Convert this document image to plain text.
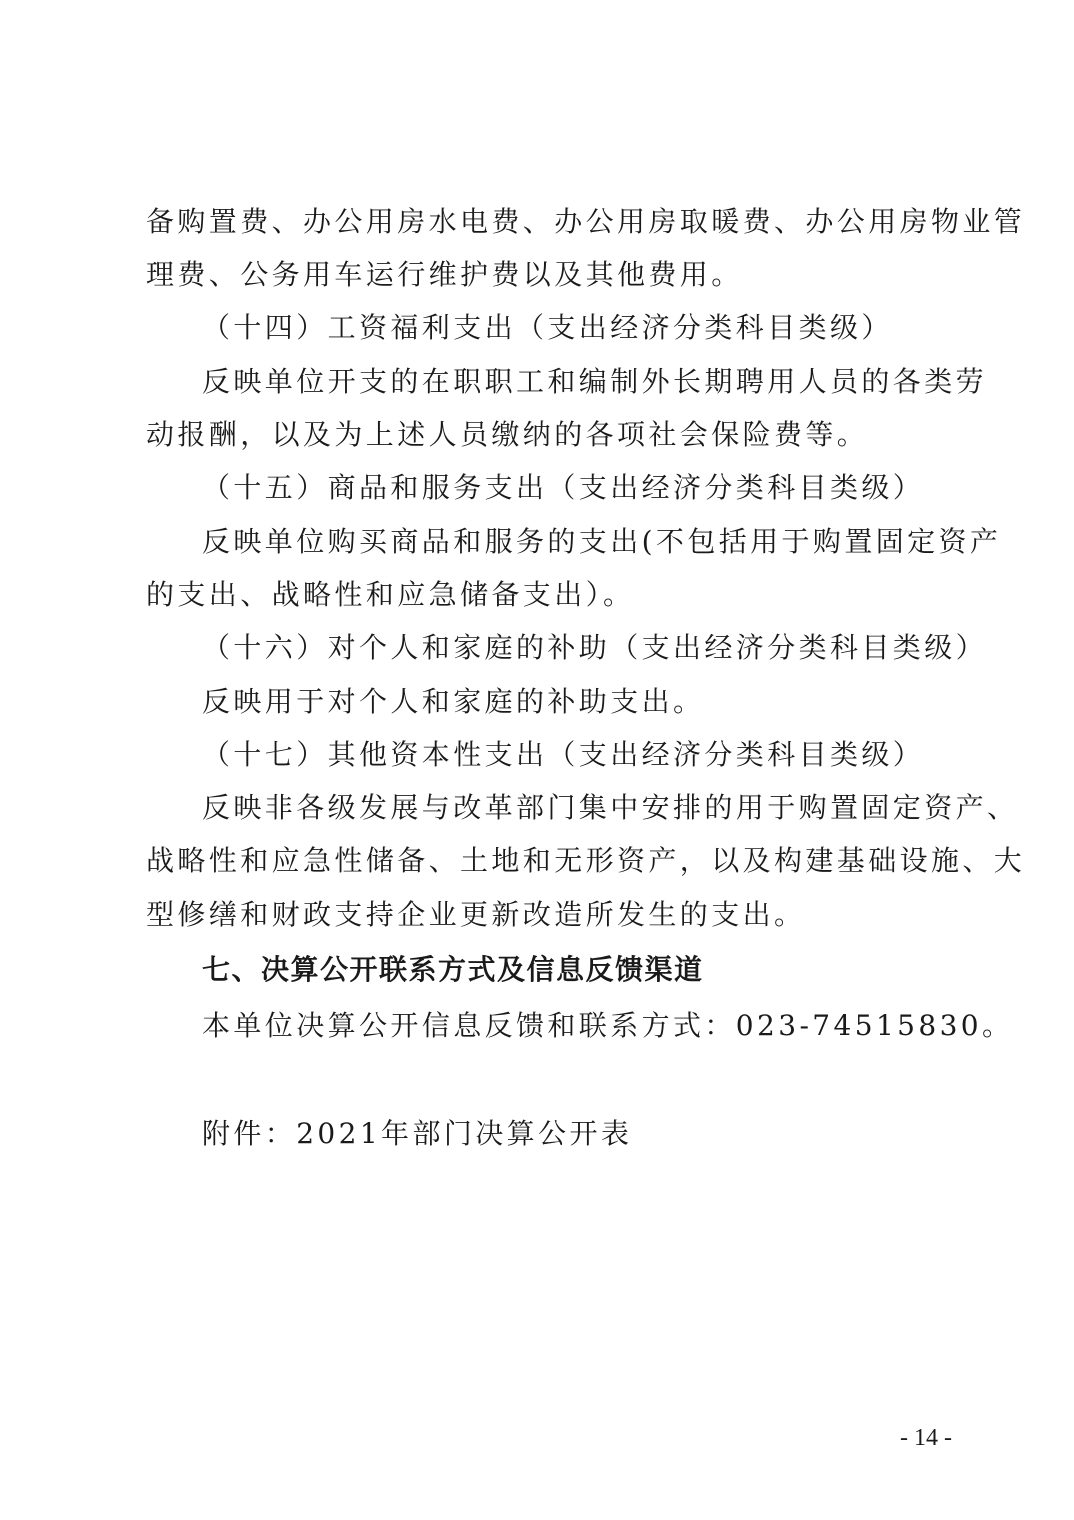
备购置费、办公用房水电费、办公用房取暖费、办公用房物业管
理费、公务用车运行维护费以及其他费用。
（十四）工资福利支出（支出经济分类科目类级）
反映单位开支的在职职工和编制外长期聘用人员的各类劳
动报酬，以及为上述人员缴纳的各项社会保险费等。
（十五）商品和服务支出（支出经济分类科目类级）
反映单位购买商品和服务的支出(不包括用于购置固定资产
的支出、战略性和应急储备支出）。
（十六）对个人和家庭的补助（支出经济分类科目类级）
反映用于对个人和家庭的补助支出。
（十七）其他资本性支出（支出经济分类科目类级）
反映非各级发展与改革部门集中安排的用于购置固定资产、
战略性和应急性储备、土地和无形资产，以及构建基础设施、大
型修缮和财政支持企业更新改造所发生的支出。
七、决算公开联系方式及信息反馈渠道
本单位决算公开信息反馈和联系方式：023-74515830。
附件：2021年部门决算公开表
- 14 -
